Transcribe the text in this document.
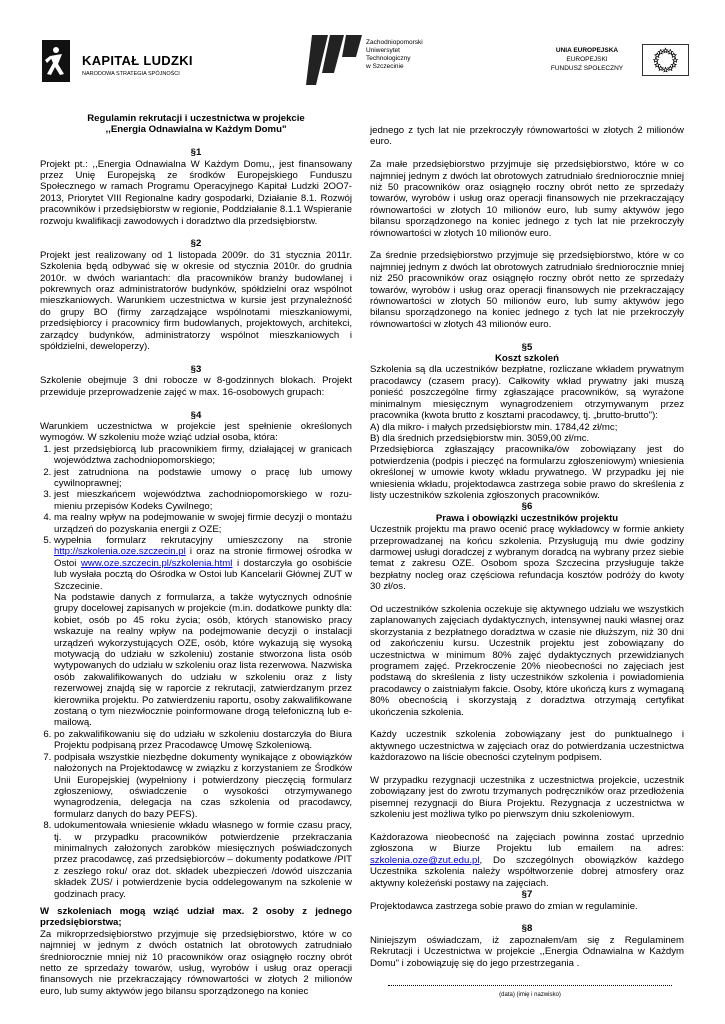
KAPITAŁ LUDZKI
NARODOWA STRATEGIA SPÓJNOŚCI
Zachodniopomorski
Uniwersytet
Technologiczny
w Szczecinie
UNIA EUROPEJSKA
EUROPEJSKI
FUNDUSZ SPOŁECZNY

Regulamin rekrutacji i uczestnictwa w projekcie

,,Energia Odnawialna w Każdym Domu"

§1

Projekt pt.: ,,Energia Odnawialna W Każdym Domu,, jest finansowany przez Unię Europejską ze środków Europejskiego Funduszu Społecznego w ramach Programu Operacyjnego Kapitał Ludzki 2OO7-2013, Priorytet VIII Regionalne kadry gospodarki, Działanie 8.1. Rozwój pracowników i przedsiębiorstw w regionie, Poddziałanie 8.1.1 Wspieranie rozwoju kwalifikacji zawodowych i doradztwo dla przedsiębiorstw.

§2

Projekt jest realizowany od 1 listopada 2009r. do 31 stycznia 2011r. Szkolenia będą odbywać się w okresie od stycznia 2010r. do grudnia 2010r. w dwóch wariantach: dla pracowników branży budowlanej i pokrewnych oraz administratorów budynków, spółdzielni oraz wspólnot mieszkaniowych. Warunkiem uczestnictwa w kursie jest przynależność do grupy BO (firmy zarządzające wspólnotami mieszkaniowymi, przedsiębiorcy i pracownicy firm budowlanych, projektowych, architekci, zarządcy budynków, administratorzy wspólnot mieszkaniowych i spółdzielni, deweloperzy).

§3

Szkolenie obejmuje 3 dni robocze w 8-godzinnych blokach. Projekt przewiduje przeprowadzenie zajęć w max. 16-osobowych grupach:

§4

Warunkiem uczestnictwa w projekcie jest spełnienie określonych wymogów. W szkoleniu może wziąć udział osoba, która:

1. jest przedsiębiorcą lub pracownikiem firmy, działającej w granicach województwa zachodniopomorskiego;
2. jest zatrudniona na podstawie umowy o pracę lub umowy cywilnoprawnej;
3. jest mieszkańcem województwa zachodniopomorskiego w rozu-mieniu przepisów Kodeks Cywilnego;
4. ma realny wpływ na podejmowanie w swojej firmie decyzji o montażu urządzeń do pozyskania energii z OZE;
5. wypełnia formularz rekrutacyjny umieszczony na stronie http://szkolenia.oze.szczecin.pl i oraz na stronie firmowej ośrodka w Ostoi www.oze.szczecin.pl/szkolenia.html i dostarczyła go osobiście lub wysłała pocztą do Ośrodka w Ostoi lub Kancelarii Głównej ZUT w Szczecinie.
Na podstawie danych z formularza, a także wytycznych odnośnie grupy docelowej zapisanych w projekcie (m.in. dodatkowe punkty dla: kobiet, osób po 45 roku życia; osób, których stanowisko pracy wskazuje na realny wpływ na podejmowanie decyzji o instalacji urządzeń wykorzystujących OZE, osób, które wykazują się wysoką motywacją do udziału w szkoleniu) zostanie stworzona lista osób wytypowanych do udziału w szkoleniu oraz lista rezerwowa. Nazwiska osób zakwalifikowanych do udziału w szkoleniu oraz z listy rezerwowej znajdą się w raporcie z rekrutacji, zatwierdzanym przez kierownika projektu. Po zatwierdzeniu raportu, osoby zakwalifikowane zostaną o tym niezwłocznie poinformowane drogą telefoniczną lub e-mailową.
6. po zakwalifikowaniu się do udziału w szkoleniu dostarczyła do Biura Projektu podpisaną przez Pracodawcę Umowę Szkoleniową.
7. podpisała wszystkie niezbędne dokumenty wynikające z obowiązków nałożonych na Projektodawcę w związku z korzystaniem ze Środków Unii Europejskiej (wypełniony i potwierdzony pieczęcią formularz zgłoszeniowy, oświadczenie o wysokości otrzymywanego wynagrodzenia, delegacja na czas szkolenia od pracodawcy, formularz danych do bazy PEFS).
8. udokumentowała wniesienie wkładu własnego w formie czasu pracy, tj. w przypadku pracowników potwierdzenie przekraczania minimalnych założonych zarobków miesięcznych poświadczonych przez pracodawcę, zaś przedsiębiorców – dokumenty podatkowe /PIT z zeszłego roku/ oraz dot. składek ubezpieczeń /dowód uiszczania składek ZUS/ i potwierdzenie bycia oddelegowanym na szkolenie w godzinach pracy.

W szkoleniach mogą wziąć udział max. 2 osoby z jednego przedsiębiorstwa;

Za mikroprzedsiębiorstwo przyjmuje się przedsiębiorstwo, które w co najmniej w jednym z dwóch ostatnich lat obrotowych zatrudniało średniorocznie mniej niż 10 pracowników oraz osiągnęło roczny obrót netto ze sprzedaży towarów, usług, wyrobów i usług oraz operacji finansowych nie przekraczający równowartości w złotych 2 milionów euro, lub sumy aktywów jego bilansu sporządzonego na koniec

jednego z tych lat nie przekroczyły równowartości w złotych 2 milionów euro.

Za małe przedsiębiorstwo przyjmuje się przedsiębiorstwo, które w co najmniej jednym z dwóch lat obrotowych zatrudniało średniorocznie mniej niż 50 pracowników oraz osiągnęło roczny obrót netto ze sprzedaży towarów, wyrobów i usług oraz operacji finansowych nie przekraczający równowartości w złotych 10 milionów euro, lub sumy aktywów jego bilansu sporządzonego na koniec jednego z tych lat nie przekroczyły równowartości w złotych 10 milionów euro.

Za średnie przedsiębiorstwo przyjmuje się przedsiębiorstwo, które w co najmniej jednym z dwóch lat obrotowych zatrudniało średniorocznie mniej niż 250 pracowników oraz osiągnęło roczny obrót netto ze sprzedaży towarów, wyrobów i usług oraz operacji finansowych nie przekraczający równowartości w złotych 50 milionów euro, lub sumy aktywów jego bilansu sporządzonego na koniec jednego z tych lat nie przekroczyły równowartości w złotych 43 milionów euro.

§5

Koszt szkoleń

Szkolenia są dla uczestników bezpłatne, rozliczane wkładem prywatnym pracodawcy (czasem pracy). Całkowity wkład prywatny jaki muszą ponieść poszczególne firmy zgłaszające pracowników, są wyrażone minimalnym miesięcznym wynagrodzeniem otrzymywanym przez pracownika (kwota brutto z kosztami pracodawcy, tj. „brutto-brutto"):

A) dla mikro- i małych przedsiębiorstw min. 1784,42 zł/mc;

B) dla średnich przedsiębiorstw min. 3059,00 zł/mc.

Przedsiębiorca zgłaszający pracownika/ów zobowiązany jest do potwierdzenia (podpis i pieczęć na formularzu zgłoszeniowym) wniesienia określonej w umowie kwoty wkładu prywatnego. W przypadku jej nie wniesienia wkładu, projektodawca zastrzega sobie prawo do skreślenia z listy uczestników szkolenia zgłoszonych pracowników.

§6

Prawa i obowiązki uczestników projektu

Uczestnik projektu ma prawo ocenić pracę wykładowcy w formie ankiety przeprowadzanej na końcu szkolenia. Przysługują mu dwie godziny darmowej usługi doradczej z wybranym doradcą na wybrany przez siebie temat z zakresu OZE. Osobom spoza Szczecina przysługuje także bezpłatny nocleg oraz częściowa refundacja kosztów podróży do kwoty 30 zł/os.

Od uczestników szkolenia oczekuje się aktywnego udziału we wszystkich zaplanowanych zajęciach dydaktycznych, intensywnej nauki własnej oraz skorzystania z bezpłatnego doradztwa w czasie nie dłuższym, niż 30 dni od zakończeniu kursu. Uczestnik projektu jest zobowiązany do uczestnictwa w minimum 80% zajęć dydaktycznych przewidzianych programem zajęć. Przekroczenie 20% nieobecności no zajęciach jest podstawą do skreślenia z listy uczestników szkolenia i powiadomienia pracodawcy o zaistniałym fakcie. Osoby, które ukończą kurs z wymaganą 80% obecnością i skorzystają z doradztwa otrzymają certyfikat ukończenia szkolenia.

Każdy uczestnik szkolenia zobowiązany jest do punktualnego i aktywnego uczestnictwa w zajęciach oraz do potwierdzania uczestnictwa każdorazowo na liście obecności czytelnym podpisem.

W przypadku rezygnacji uczestnika z uczestnictwa projekcie, uczestnik zobowiązany jest do zwrotu trzymanych podręczników oraz przedłożenia pisemnej rezygnacji do Biura Projektu. Rezygnacja z uczestnictwa w szkoleniu jest możliwa tylko po pierwszym dniu szkoleniowym.

Każdorazowa nieobecność na zajęciach powinna zostać uprzednio zgłoszona w Biurze Projektu lub emailem na adres: szkolenia.oze@zut.edu.pl, Do szczególnych obowiązków każdego Uczestnika szkolenia należy współtworzenie dobrej atmosfery oraz aktywny koleżeński postawy na zajęciach.

§7

Projektodawca zastrzega sobie prawo do zmian w regulaminie.

§8

Niniejszym oświadczam, iż zapoznałem/am się z Regulaminem Rekrutacji i Uczestnictwa w projekcie ,,Energia Odnawialna w Każdym Domu" i zobowiązuję się do jego przestrzegania .

(data) (imię i nazwisko)
